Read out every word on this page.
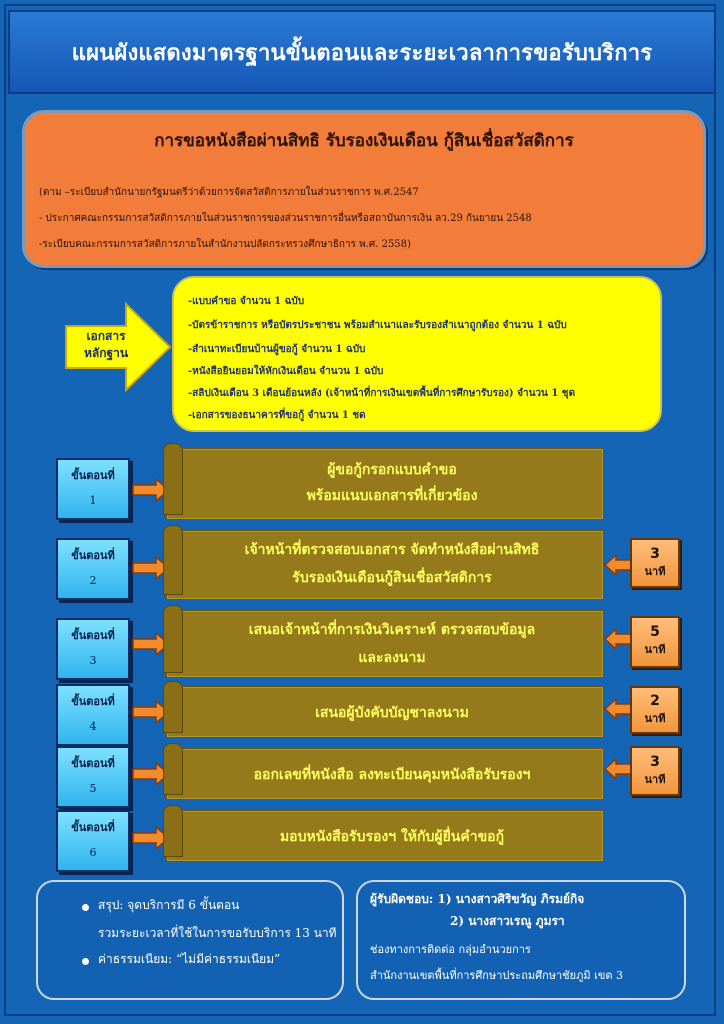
แผนผังแสดงมาตรฐานขั้นตอนและระยะเวลาการขอรับบริการ
การขอหนังสือผ่านสิทธิ รับรองเงินเดือน กู้สินเชื่อสวัสดิการ
(ตาม –ระเบียบสำนักนายกรัฐมนตรีว่าด้วยการจัดสวัสดิการภายในส่วนราชการ พ.ศ.2547
- ประกาศคณะกรรมการสวัสดิการภายในส่วนราชการของส่วนราชการอื่นหรือสถาบันการเงิน ลว.29 กันยายน 2548
-ระเบียบคณะกรรมการสวัสดิการภายในสำนักงานปลัดกระทรวงศึกษาธิการ พ.ศ. 2558)
เอกสาร
หลักฐาน
-แบบคำขอ จำนวน 1 ฉบับ
-บัตรข้าราชการ หรือบัตรประชาชน พร้อมสำเนาและรับรองสำเนาถูกต้อง จำนวน 1 ฉบับ
-สำเนาทะเบียนบ้านผู้ขอกู้ จำนวน 1 ฉบับ
-หนังสือยินยอมให้หักเงินเดือน จำนวน 1 ฉบับ
-สลิปเงินเดือน 3 เดือนย้อนหลัง (เจ้าหน้าที่การเงินเขตพื้นที่การศึกษารับรอง) จำนวน 1 ชุด
-เอกสารของธนาคารที่ขอกู้ จำนวน 1 ชด
ขั้นตอนที่
1
ผู้ขอกู้กรอกแบบคำขอ
พร้อมแนบเอกสารที่เกี่ยวข้อง
ขั้นตอนที่
2
เจ้าหน้าที่ตรวจสอบเอกสาร จัดทำหนังสือผ่านสิทธิ
รับรองเงินเดือนกู้สินเชื่อสวัสดิการ
3
นาที
ขั้นตอนที่
3
เสนอเจ้าหน้าที่การเงินวิเคราะห์ ตรวจสอบข้อมูล
และลงนาม
5
นาที
ขั้นตอนที่
4
เสนอผู้บังคับบัญชาลงนาม
2
นาที
ขั้นตอนที่
5
ออกเลขที่หนังสือ ลงทะเบียนคุมหนังสือรับรองฯ
3
นาที
ขั้นตอนที่
6
มอบหนังสือรับรองฯ ให้กับผู้ยื่นคำขอกู้
สรุป: จุดบริการมี 6 ขั้นตอน
รวมระยะเวลาที่ใช้ในการขอรับบริการ 13 นาที
ค่าธรรมเนียม: “ไม่มีค่าธรรมเนียม”
ผู้รับผิดชอบ: 1) นางสาวศิริขวัญ ภิรมย์กิจ
2) นางสาวเรณู ภูมรา
ช่องทางการติดต่อ กลุ่มอำนวยการ
สำนักงานเขตพื้นที่การศึกษาประถมศึกษาชัยภูมิ เขต 3
